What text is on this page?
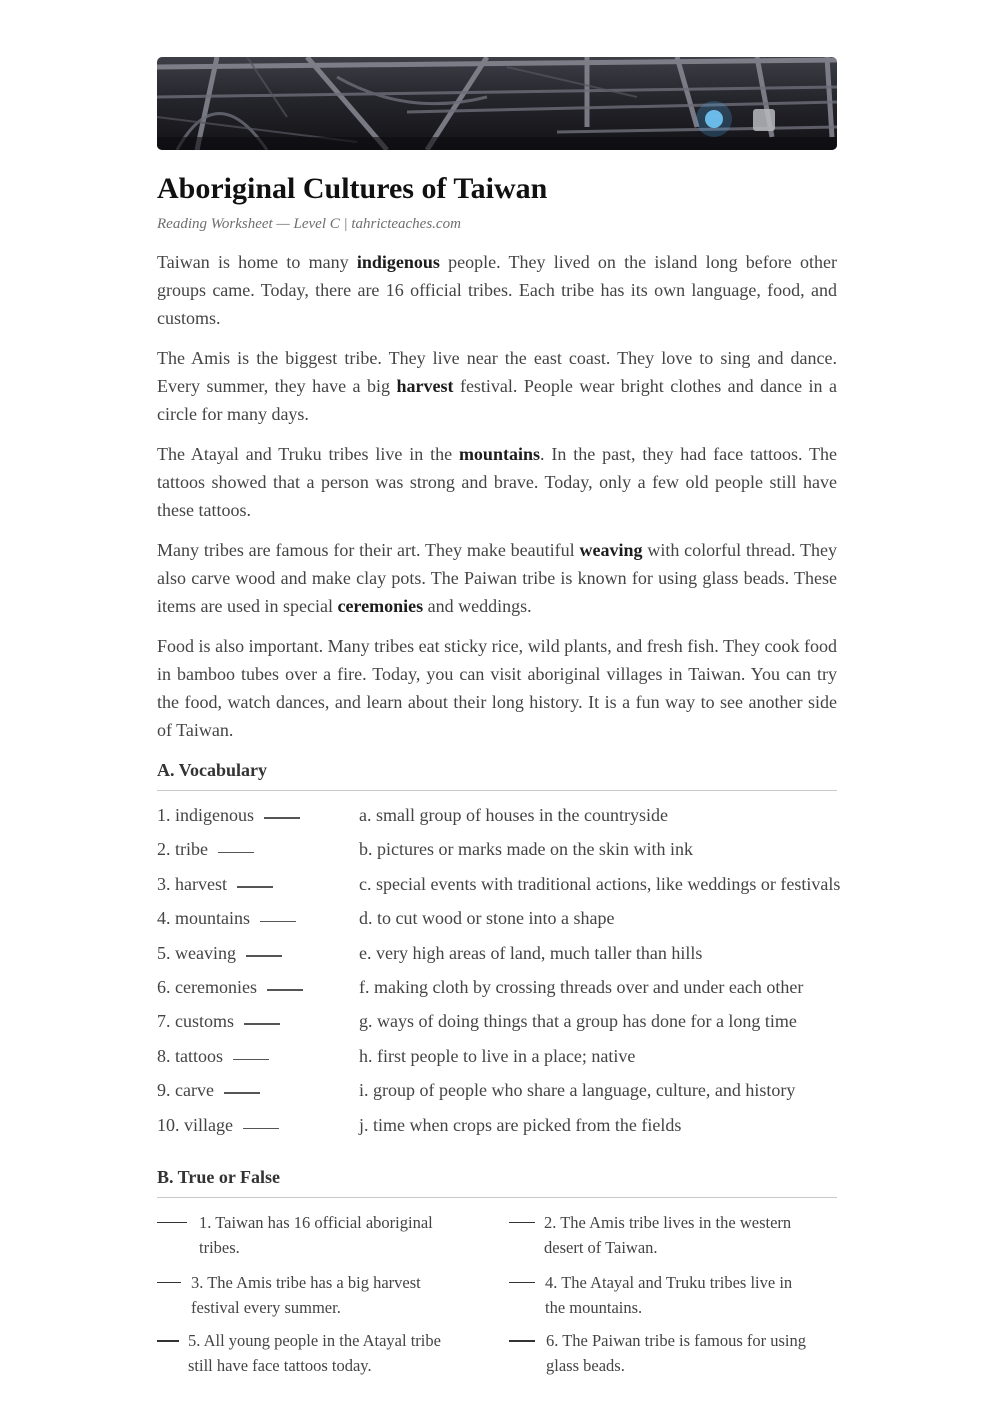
Aboriginal Cultures of Taiwan
Reading Worksheet — Level C | tahricteaches.com
Taiwan is home to many indigenous people. They lived on the island long before other groups came. Today, there are 16 official tribes. Each tribe has its own language, food, and customs.
The Amis is the biggest tribe. They live near the east coast. They love to sing and dance. Every summer, they have a big harvest festival. People wear bright clothes and dance in a circle for many days.
The Atayal and Truku tribes live in the mountains. In the past, they had face tattoos. The tattoos showed that a person was strong and brave. Today, only a few old people still have these tattoos.
Many tribes are famous for their art. They make beautiful weaving with colorful thread. They also carve wood and make clay pots. The Paiwan tribe is known for using glass beads. These items are used in special ceremonies and weddings.
Food is also important. Many tribes eat sticky rice, wild plants, and fresh fish. They cook food in bamboo tubes over a fire. Today, you can visit aboriginal villages in Taiwan. You can try the food, watch dances, and learn about their long history. It is a fun way to see another side of Taiwan.
A. Vocabulary
1. indigenous	a. small group of houses in the countryside
2. tribe	b. pictures or marks made on the skin with ink
3. harvest	c. special events with traditional actions, like weddings or festivals
4. mountains	d. to cut wood or stone into a shape
5. weaving	e. very high areas of land, much taller than hills
6. ceremonies	f. making cloth by crossing threads over and under each other
7. customs	g. ways of doing things that a group has done for a long time
8. tattoos	h. first people to live in a place; native
9. carve	i. group of people who share a language, culture, and history
10. village	j. time when crops are picked from the fields
B. True or False
1. Taiwan has 16 official aboriginal tribes.
2. The Amis tribe lives in the western desert of Taiwan.
3. The Amis tribe has a big harvest festival every summer.
4. The Atayal and Truku tribes live in the mountains.
5. All young people in the Atayal tribe still have face tattoos today.
6. The Paiwan tribe is famous for using glass beads.
